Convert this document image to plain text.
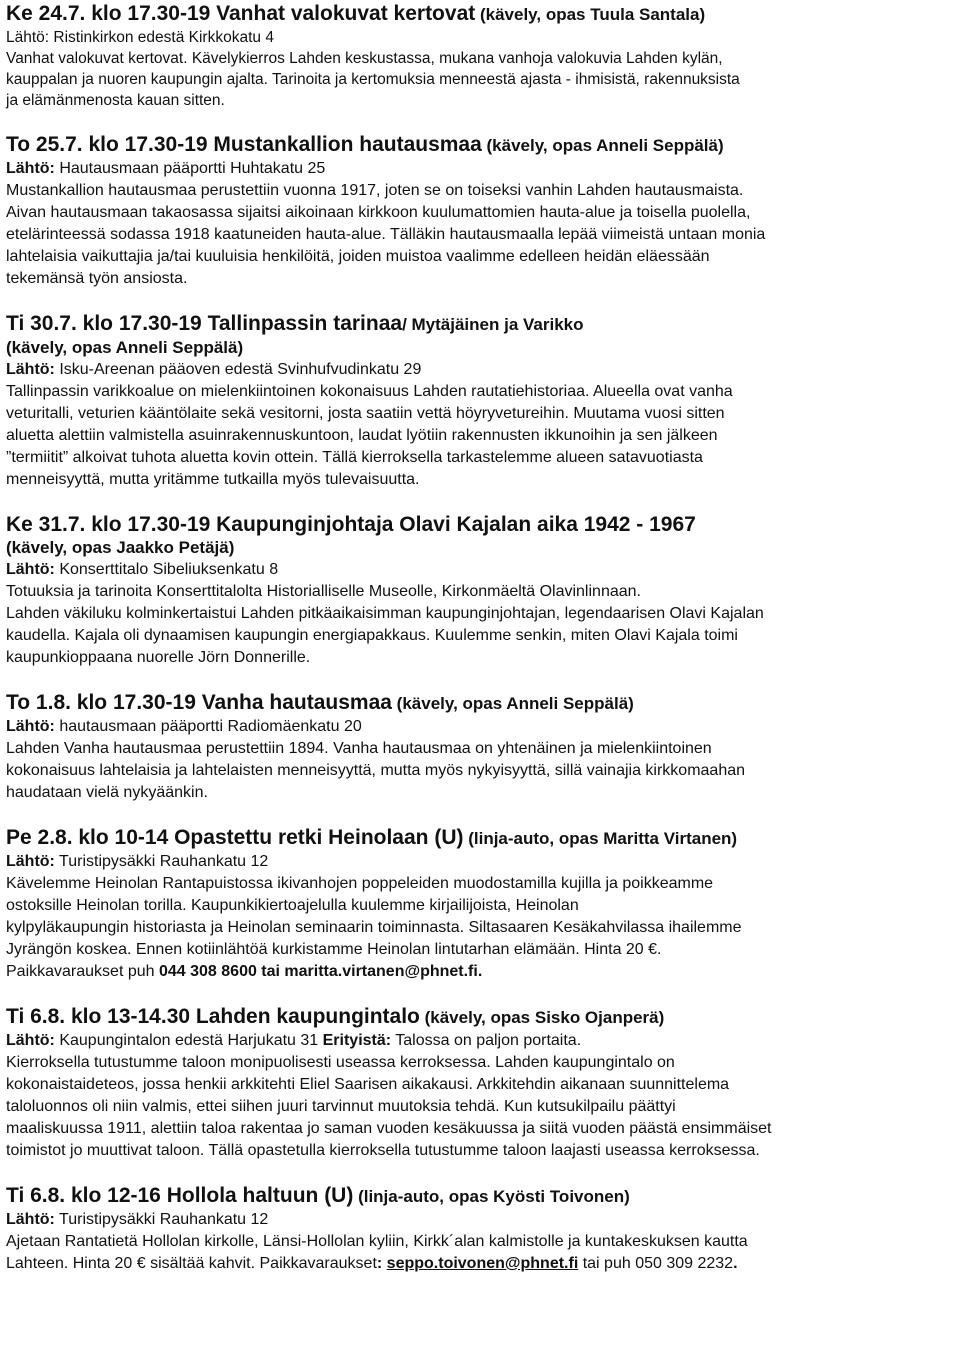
Ke 24.7. klo 17.30-19 Vanhat valokuvat kertovat (kävely, opas Tuula Santala)
Lähtö: Ristinkirkon edestä Kirkkokatu 4
Vanhat valokuvat kertovat. Kävelykierros Lahden keskustassa, mukana vanhoja valokuvia Lahden kylän,
kauppalan ja nuoren kaupungin ajalta. Tarinoita ja kertomuksia menneestä ajasta - ihmisistä, rakennuksista
ja elämänmenosta kauan sitten.
To 25.7. klo 17.30-19 Mustankallion hautausmaa (kävely, opas Anneli Seppälä)
Lähtö: Hautausmaan pääportti Huhtakatu 25
Mustankallion hautausmaa perustettiin vuonna 1917, joten se on toiseksi vanhin Lahden hautausmaista.
Aivan hautausmaan takaosassa sijaitsi aikoinaan kirkkoon kuulumattomien hauta-alue ja toisella puolella,
etelärinteessä sodassa 1918 kaatuneiden hauta-alue. Tälläkin hautausmaalla lepää viimeistä untaan monia
lahtelaisia vaikuttajia ja/tai kuuluisia henkilöitä, joiden muistoa vaalimme edelleen heidän eläessään
tekemänsä työn ansiosta.
Ti 30.7. klo 17.30-19 Tallinpassin tarinaa/ Mytäjäinen ja Varikko
(kävely, opas Anneli Seppälä)
Lähtö: Isku-Areenan pääoven edestä Svinhufvudinkatu 29
Tallinpassin varikkoalue on mielenkiintoinen kokonaisuus Lahden rautatiehistoriaa. Alueella ovat vanha
veturitalli, veturien kääntölaite sekä vesitorni, josta saatiin vettä höyryvetureihin. Muutama vuosi sitten
aluetta alettiin valmistella asuinrakennuskuntoon, laudat lyötiin rakennusten ikkunoihin ja sen jälkeen
”termiitit” alkoivat tuhota aluetta kovin ottein. Tällä kierroksella tarkastelemme alueen satavuotiasta
menneisyyttä, mutta yritämme tutkailla myös tulevaisuutta.
Ke 31.7. klo 17.30-19 Kaupunginjohtaja Olavi Kajalan aika 1942 - 1967
(kävely, opas Jaakko Petäjä)
Lähtö: Konserttitalo Sibeliuksenkatu 8
Totuuksia ja tarinoita Konserttitalolta Historialliselle Museolle, Kirkonmäeltä Olavinlinnaan.
Lahden väkiluku kolminkertaistui Lahden pitkäaikaisimman kaupunginjohtajan, legendaarisen Olavi Kajalan
kaudella. Kajala oli dynaamisen kaupungin energiapakkaus. Kuulemme senkin, miten Olavi Kajala toimi
kaupunkioppaana nuorelle Jörn Donnerille.
To 1.8. klo 17.30-19 Vanha hautausmaa (kävely, opas Anneli Seppälä)
Lähtö: hautausmaan pääportti Radiomäenkatu 20
Lahden Vanha hautausmaa perustettiin 1894. Vanha hautausmaa on yhtenäinen ja mielenkiintoinen
kokonaisuus lahtelaisia ja lahtelaisten menneisyyttä, mutta myös nykyisyyttä, sillä vainajia kirkkomaahan
haudataan vielä nykyäänkin.
Pe 2.8. klo 10-14 Opastettu retki Heinolaan (U) (linja-auto, opas Maritta Virtanen)
Lähtö: Turistipysäkki Rauhankatu 12
Kävelemme Heinolan Rantapuistossa ikivanhojen poppeleiden muodostamilla kujilla ja poikkeamme
ostoksille Heinolan torilla. Kaupunkikiertoajelulla kuulemme kirjailijoista, Heinolan
kylpyläkaupungin historiasta ja Heinolan seminaarin toiminnasta. Siltasaaren Kesäkahvilassa ihailemme
Jyrängön koskea. Ennen kotiinlähtöä kurkistamme Heinolan lintutarhan elämään. Hinta 20 €.
Paikkavaraukset puh 044 308 8600 tai maritta.virtanen@phnet.fi.
Ti 6.8. klo 13-14.30 Lahden kaupungintalo (kävely, opas Sisko Ojanperä)
Lähtö: Kaupungintalon edestä Harjukatu 31 Erityistä: Talossa on paljon portaita.
Kierroksella tutustumme taloon monipuolisesti useassa kerroksessa. Lahden kaupungintalo on
kokonaistaideteos, jossa henkii arkkitehti Eliel Saarisen aikakausi. Arkkitehdin aikanaan suunnittelema
taloluonnos oli niin valmis, ettei siihen juuri tarvinnut muutoksia tehdä. Kun kutsukilpailu päättyi
maaliskuussa 1911, alettiin taloa rakentaa jo saman vuoden kesäkuussa ja siitä vuoden päästä ensimmäiset
toimistot jo muuttivat taloon. Tällä opastetulla kierroksella tutustumme taloon laajasti useassa kerroksessa.
Ti 6.8. klo 12-16 Hollola haltuun (U) (linja-auto, opas Kyösti Toivonen)
Lähtö: Turistipysäkki Rauhankatu 12
Ajetaan Rantatietä Hollolan kirkolle, Länsi-Hollolan kyliin, Kirkk´alan kalmistolle ja kuntakeskuksen kautta
Lahteen. Hinta 20 € sisältää kahvit. Paikkavaraukset: seppo.toivonen@phnet.fi tai puh 050 309 2232.
